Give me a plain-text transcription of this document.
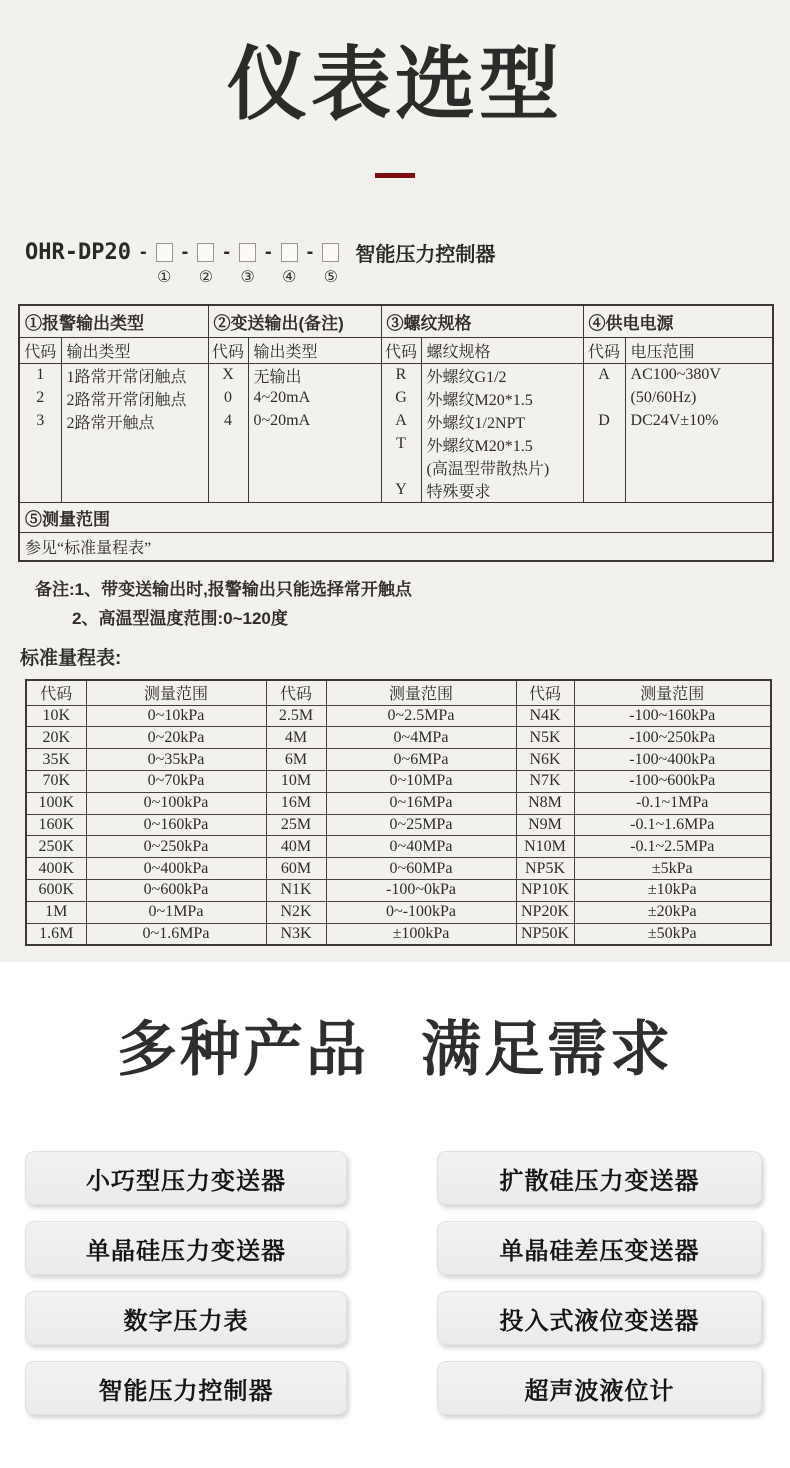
仪表选型
OHR-DP20 -
①
-
②
-
③
-
④
-
⑤
智能压力控制器
①报警输出类型		②变送输出(备注)		③螺纹规格		④供电电源	
代码	输出类型	代码	输出类型	代码	螺纹规格	代码	电压范围
1	1路常开常闭触点	X	无输出	R	外螺纹G1/2	A	AC100~380V
2	2路常开常闭触点	0	4~20mA	G	外螺纹M20*1.5		(50/60Hz)
3	2路常开触点	4	0~20mA	A	外螺纹1/2NPT	D	DC24V±10%
				T	外螺纹M20*1.5		
					(高温型带散热片)		
				Y	特殊要求		
⑤测量范围							
参见“标准量程表”							
备注:1、带变送输出时,报警输出只能选择常开触点
2、高温型温度范围:0~120度
标准量程表:
代码	测量范围	代码	测量范围	代码	测量范围
10K	0~10kPa	2.5M	0~2.5MPa	N4K	-100~160kPa
20K	0~20kPa	4M	0~4MPa	N5K	-100~250kPa
35K	0~35kPa	6M	0~6MPa	N6K	-100~400kPa
70K	0~70kPa	10M	0~10MPa	N7K	-100~600kPa
100K	0~100kPa	16M	0~16MPa	N8M	-0.1~1MPa
160K	0~160kPa	25M	0~25MPa	N9M	-0.1~1.6MPa
250K	0~250kPa	40M	0~40MPa	N10M	-0.1~2.5MPa
400K	0~400kPa	60M	0~60MPa	NP5K	±5kPa
600K	0~600kPa	N1K	-100~0kPa	NP10K	±10kPa
1M	0~1MPa	N2K	0~-100kPa	NP20K	±20kPa
1.6M	0~1.6MPa	N3K	±100kPa	NP50K	±50kPa
多种产品 满足需求
小巧型压力变送器	扩散硅压力变送器
单晶硅压力变送器	单晶硅差压变送器
数字压力表	投入式液位变送器
智能压力控制器	超声波液位计
